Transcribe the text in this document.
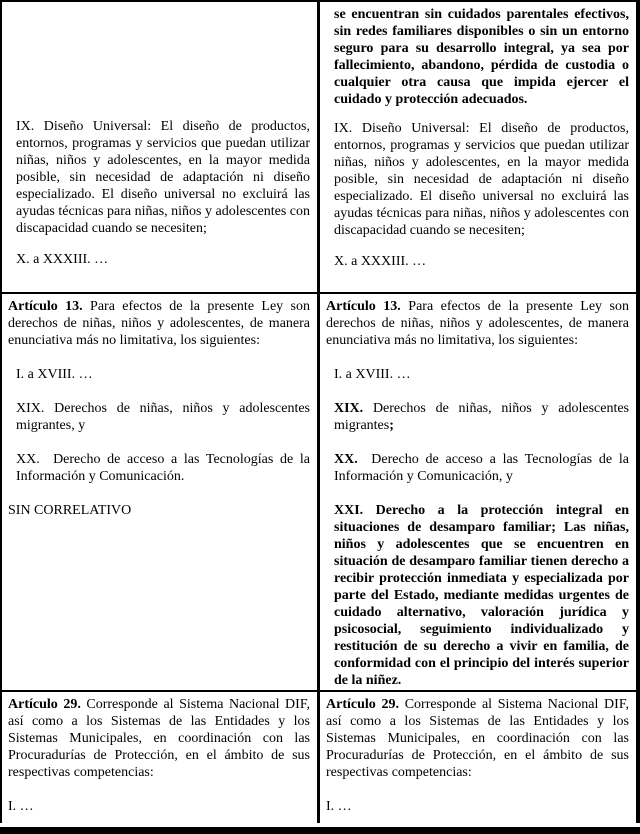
IX. Diseño Universal: El diseño de productos, entornos, programas y servicios que puedan utilizar niñas, niños y adolescentes, en la mayor medida posible, sin necesidad de adaptación ni diseño especializado. El diseño universal no excluirá las ayudas técnicas para niñas, niños y adolescentes con discapacidad cuando se necesiten;

X. a XXXIII. …

se encuentran sin cuidados parentales efectivos, sin redes familiares disponibles o sin un entorno seguro para su desarrollo integral, ya sea por fallecimiento, abandono, pérdida de custodia o cualquier otra causa que impida ejercer el cuidado y protección adecuados.

IX. Diseño Universal: El diseño de productos, entornos, programas y servicios que puedan utilizar niñas, niños y adolescentes, en la mayor medida posible, sin necesidad de adaptación ni diseño especializado. El diseño universal no excluirá las ayudas técnicas para niñas, niños y adolescentes con discapacidad cuando se necesiten;

X. a XXXIII. …

Artículo 13. Para efectos de la presente Ley son derechos de niñas, niños y adolescentes, de manera enunciativa más no limitativa, los siguientes:

I. a XVIII. …

XIX. Derechos de niñas, niños y adolescentes migrantes, y

XX.  Derecho de acceso a las Tecnologías de la Información y Comunicación.

SIN CORRELATIVO

Artículo 13. Para efectos de la presente Ley son derechos de niñas, niños y adolescentes, de manera enunciativa más no limitativa, los siguientes:

I. a XVIII. …

XIX. Derechos de niñas, niños y adolescentes migrantes;

XX.  Derecho de acceso a las Tecnologías de la Información y Comunicación, y

XXI. Derecho a la protección integral en situaciones de desamparo familiar; Las niñas, niños y adolescentes que se encuentren en situación de desamparo familiar tienen derecho a recibir protección inmediata y especializada por parte del Estado, mediante medidas urgentes de cuidado alternativo, valoración jurídica y psicosocial, seguimiento individualizado y restitución de su derecho a vivir en familia, de conformidad con el principio del interés superior de la niñez.

Artículo 29. Corresponde al Sistema Nacional DIF, así como a los Sistemas de las Entidades y los Sistemas Municipales, en coordinación con las Procuradurías de Protección, en el ámbito de sus respectivas competencias:

I. …

Artículo 29. Corresponde al Sistema Nacional DIF, así como a los Sistemas de las Entidades y los Sistemas Municipales, en coordinación con las Procuradurías de Protección, en el ámbito de sus respectivas competencias:

I. …
